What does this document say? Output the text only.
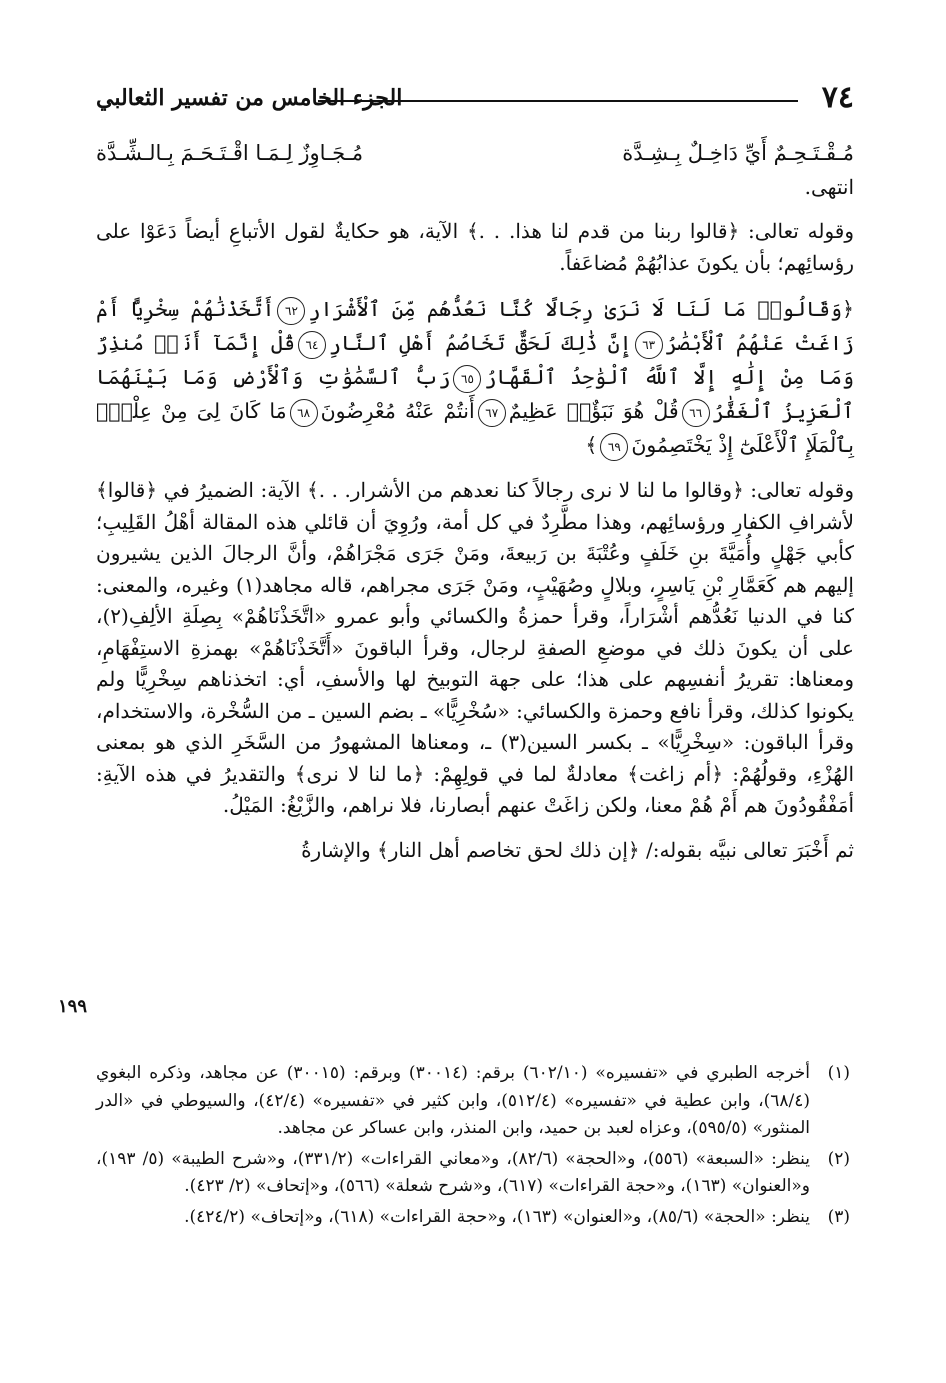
٧٤
الجزء الخامس من تفسير الثعالبي
مُـقْـتَـحِـمٌ أَيِّ دَاخِـلٌ بِـشِـدَّة
مُـجَـاوِزٌ لِـمَـا اقْـتَـحَـمَ بِـالـشِّـدَّة

انتهى.

وقوله تعالى: ﴿قالوا ربنا من قدم لنا هذا. . .﴾ الآية، هو حكايةٌ لقول الأتباعِ أيضاً دَعَوْا على رؤسائِهم؛ بأن يكونَ عذابُهُمْ مُضاعَفاً.

﴿وَقَالُوا۟ مَا لَنَا لَا نَرَىٰ رِجَالًا كُنَّا نَعُدُّهُم مِّنَ ٱلْأَشْرَارِ٦٢أَتَّخَذْنَٰهُمْ سِخْرِيًّا أَمْ زَاغَتْ عَنْهُمُ ٱلْأَبْصَٰرُ٦٣إِنَّ ذَٰلِكَ لَحَقٌّ تَخَاصُمُ أَهْلِ ٱلنَّارِ٦٤قُلْ إِنَّمَآ أَنَا۠ مُنذِرٌ وَمَا مِنْ إِلَٰهٍ إِلَّا ٱللَّهُ ٱلْوَٰحِدُ ٱلْقَهَّارُ٦٥رَبُّ ٱلسَّمَٰوَٰتِ وَٱلْأَرْضِ وَمَا بَيْنَهُمَا ٱلْعَزِيزُ ٱلْغَفَّٰرُ٦٦قُلْ هُوَ نَبَؤٌا۟ عَظِيمٌ٦٧أَنتُمْ عَنْهُ مُعْرِضُونَ٦٨مَا كَانَ لِىَ مِنْ عِلْمٍۭ بِٱلْمَلَإِ ٱلْأَعْلَىٰٓ إِذْ يَخْتَصِمُونَ٦٩﴾

وقوله تعالى: ﴿وقالوا ما لنا لا نرى رجالاً كنا نعدهم من الأشرار. . .﴾ الآية: الضميرُ في ﴿قالوا﴾ لأشرافِ الكفارِ ورؤسائِهم، وهذا مطَّرِدٌ في كل أمة، ورُوِيَ أن قائلي هذه المقالة أهْلُ القَلِيبِ؛ كأبي جَهْلٍ وأُمَيَّةَ بنِ خَلَفٍ وعُتْبَةَ بن رَبيعةَ، ومَنْ جَرَى مَجْرَاهُمْ، وأنَّ الرجالَ الذين يشيرون إليهم هم كَعَمَّارِ بْنِ يَاسِرٍ، وبلالٍ وصُهَيْبٍ، ومَنْ جَرَى مجراهم، قاله مجاهد(١) وغيره، والمعنى: كنا في الدنيا نَعُدُّهم أشْرَاراً، وقرأ حمزةُ والكسائي وأبو عمرو «اتَّخَذْنَاهُمْ» بِصِلَةِ الألِفِ(٢)، على أن يكونَ ذلك في موضعِ الصفةِ لرجال، وقرأ الباقونَ «أَتَّخَذْنَاهُمْ» بهمزةِ الاستِفْهَامِ، ومعناها: تقريرُ أنفسِهم على هذا؛ على جهة التوبيخ لها والأسفِ، أي: اتخذناهم سِخْرِيًّا ولم يكونوا كذلك، وقرأ نافع وحمزة والكسائي: «سُخْرِيًّا» ـ بضم السين ـ من السُّخْرة، والاستخدام، وقرأ الباقون: «سِخْرِيًّا» ـ بكسر السين(٣) ـ، ومعناها المشهورُ من السَّخَرِ الذي هو بمعنى الهُزْءِ، وقولُهُمْ: ﴿أم زاغت﴾ معادلةٌ لما في قولِهِمْ: ﴿ما لنا لا نرى﴾ والتقديرُ في هذه الآيةِ: أمَفْقُودُونَ هم أَمْ هُمْ معنا، ولكن زاغَتْ عنهم أبصارنا، فلا نراهم، والزَّيْغُ: المَيْلُ.

ثم أَخْبَرَ تعالى نبيَّه بقوله:/ ﴿إن ذلك لحق تخاصم أهل النار﴾ والإشارةُ

١٩٩
(١)
أخرجه الطبري في «تفسيره» (٦٠٢/١٠) برقم: (٣٠٠١٤) وبرقم: (٣٠٠١٥) عن مجاهد، وذكره البغوي (٦٨/٤)، وابن عطية في «تفسيره» (٥١٢/٤)، وابن كثير في «تفسيره» (٤٢/٤)، والسيوطي في «الدر المنثور» (٥٩٥/٥)، وعزاه لعبد بن حميد، وابن المنذر، وابن عساكر عن مجاهد.
(٢)
ينظر: «السبعة» (٥٥٦)، و«الحجة» (٨٢/٦)، و«معاني القراءات» (٣٣١/٢)، و«شرح الطيبة» (٥/ ١٩٣)، و«العنوان» (١٦٣)، و«حجة القراءات» (٦١٧)، و«شرح شعلة» (٥٦٦)، و«إتحاف» (٢/ ٤٢٣).
(٣)
ينظر: «الحجة» (٨٥/٦)، و«العنوان» (١٦٣)، و«حجة القراءات» (٦١٨)، و«إتحاف» (٤٢٤/٢).
